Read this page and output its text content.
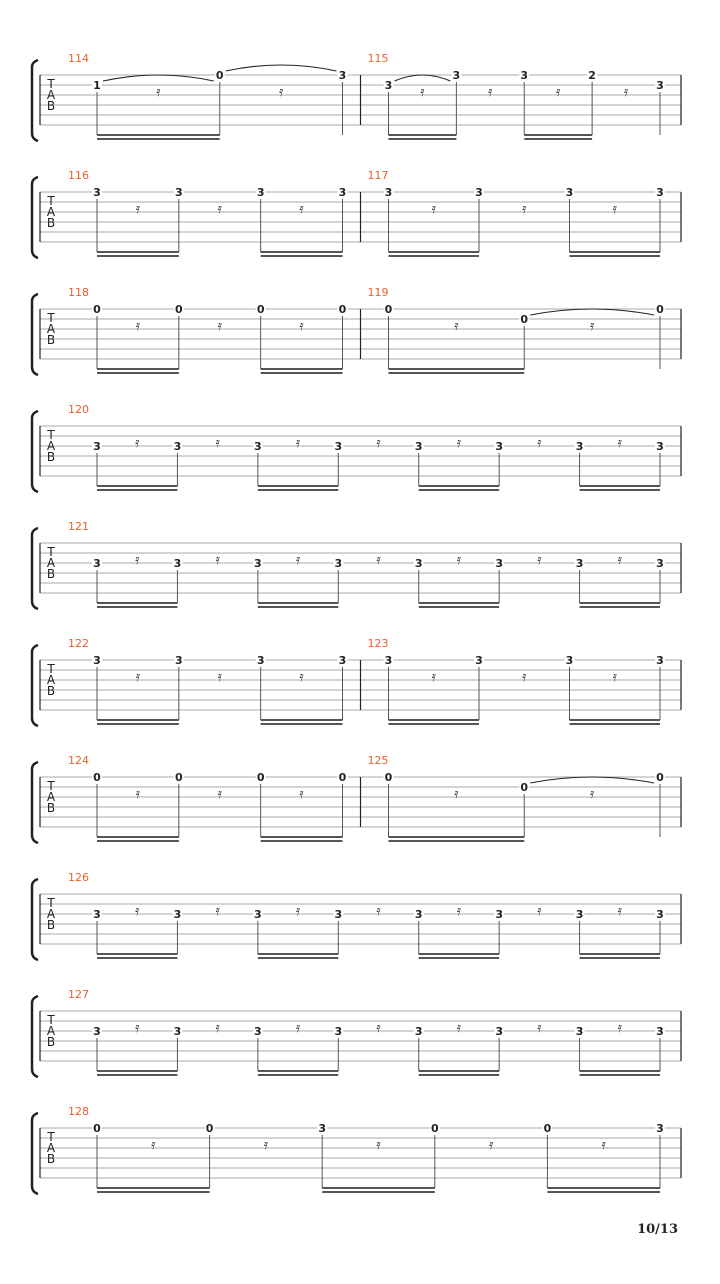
T
A
B
114
1	𝄿
0
𝄿
3
115
3 𝄿
3
𝄿
3
𝄿
2
𝄿	3
T
A
B
116
3
𝄿
3
𝄿
3
𝄿
3
117
3
𝄿
3
𝄿
3
𝄿
3
T
A
B
118
0
𝄿
0
𝄿
0
𝄿
0
119
0
𝄿	0	𝄿
0
T
A
B
120
3 𝄿	3 𝄿	3 𝄿	3 𝄿	3 𝄿	3 𝄿	3 𝄿	3
T
A
B
121
3 𝄿	3 𝄿	3 𝄿	3 𝄿	3 𝄿	3 𝄿	3 𝄿	3
T
A
B
122
3
𝄿
3
𝄿
3
𝄿
3
123
3
𝄿
3
𝄿
3
𝄿
3
T
A
B
124
0
𝄿
0
𝄿
0
𝄿
0
125
0
𝄿	0	𝄿
0
T
A
B
126
3 𝄿	3 𝄿	3 𝄿	3 𝄿	3 𝄿	3 𝄿	3 𝄿	3
T
A
B
127
3 𝄿	3 𝄿	3 𝄿	3 𝄿	3 𝄿	3 𝄿	3 𝄿	3
T
A
B
128
0
𝄿
0
𝄿
3
𝄿
0
𝄿
0
𝄿
3
10/13
